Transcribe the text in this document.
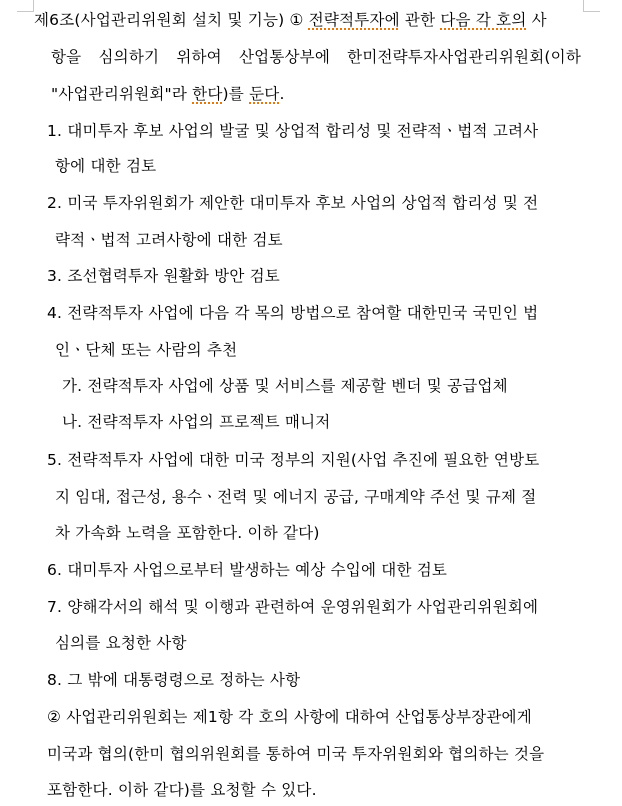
제6조(사업관리위원회 설치 및 기능) ① 전략적투자에 관한 다음 각 호의 사
항을 심의하기 위하여 산업통상부에 한미전략투자사업관리위원회(이하
"사업관리위원회"라 한다)를 둔다.
1. 대미투자 후보 사업의 발굴 및 상업적 합리성 및 전략적ㆍ법적 고려사
항에 대한 검토
2. 미국 투자위원회가 제안한 대미투자 후보 사업의 상업적 합리성 및 전
략적ㆍ법적 고려사항에 대한 검토
3. 조선협력투자 원활화 방안 검토
4. 전략적투자 사업에 다음 각 목의 방법으로 참여할 대한민국 국민인 법
인ㆍ단체 또는 사람의 추천
가. 전략적투자 사업에 상품 및 서비스를 제공할 벤더 및 공급업체
나. 전략적투자 사업의 프로젝트 매니저
5. 전략적투자 사업에 대한 미국 정부의 지원(사업 추진에 필요한 연방토
지 임대, 접근성, 용수ㆍ전력 및 에너지 공급, 구매계약 주선 및 규제 절
차 가속화 노력을 포함한다. 이하 같다)
6. 대미투자 사업으로부터 발생하는 예상 수입에 대한 검토
7. 양해각서의 해석 및 이행과 관련하여 운영위원회가 사업관리위원회에
심의를 요청한 사항
8. 그 밖에 대통령령으로 정하는 사항
② 사업관리위원회는 제1항 각 호의 사항에 대하여 산업통상부장관에게
미국과 협의(한미 협의위원회를 통하여 미국 투자위원회와 협의하는 것을
포함한다. 이하 같다)를 요청할 수 있다.
